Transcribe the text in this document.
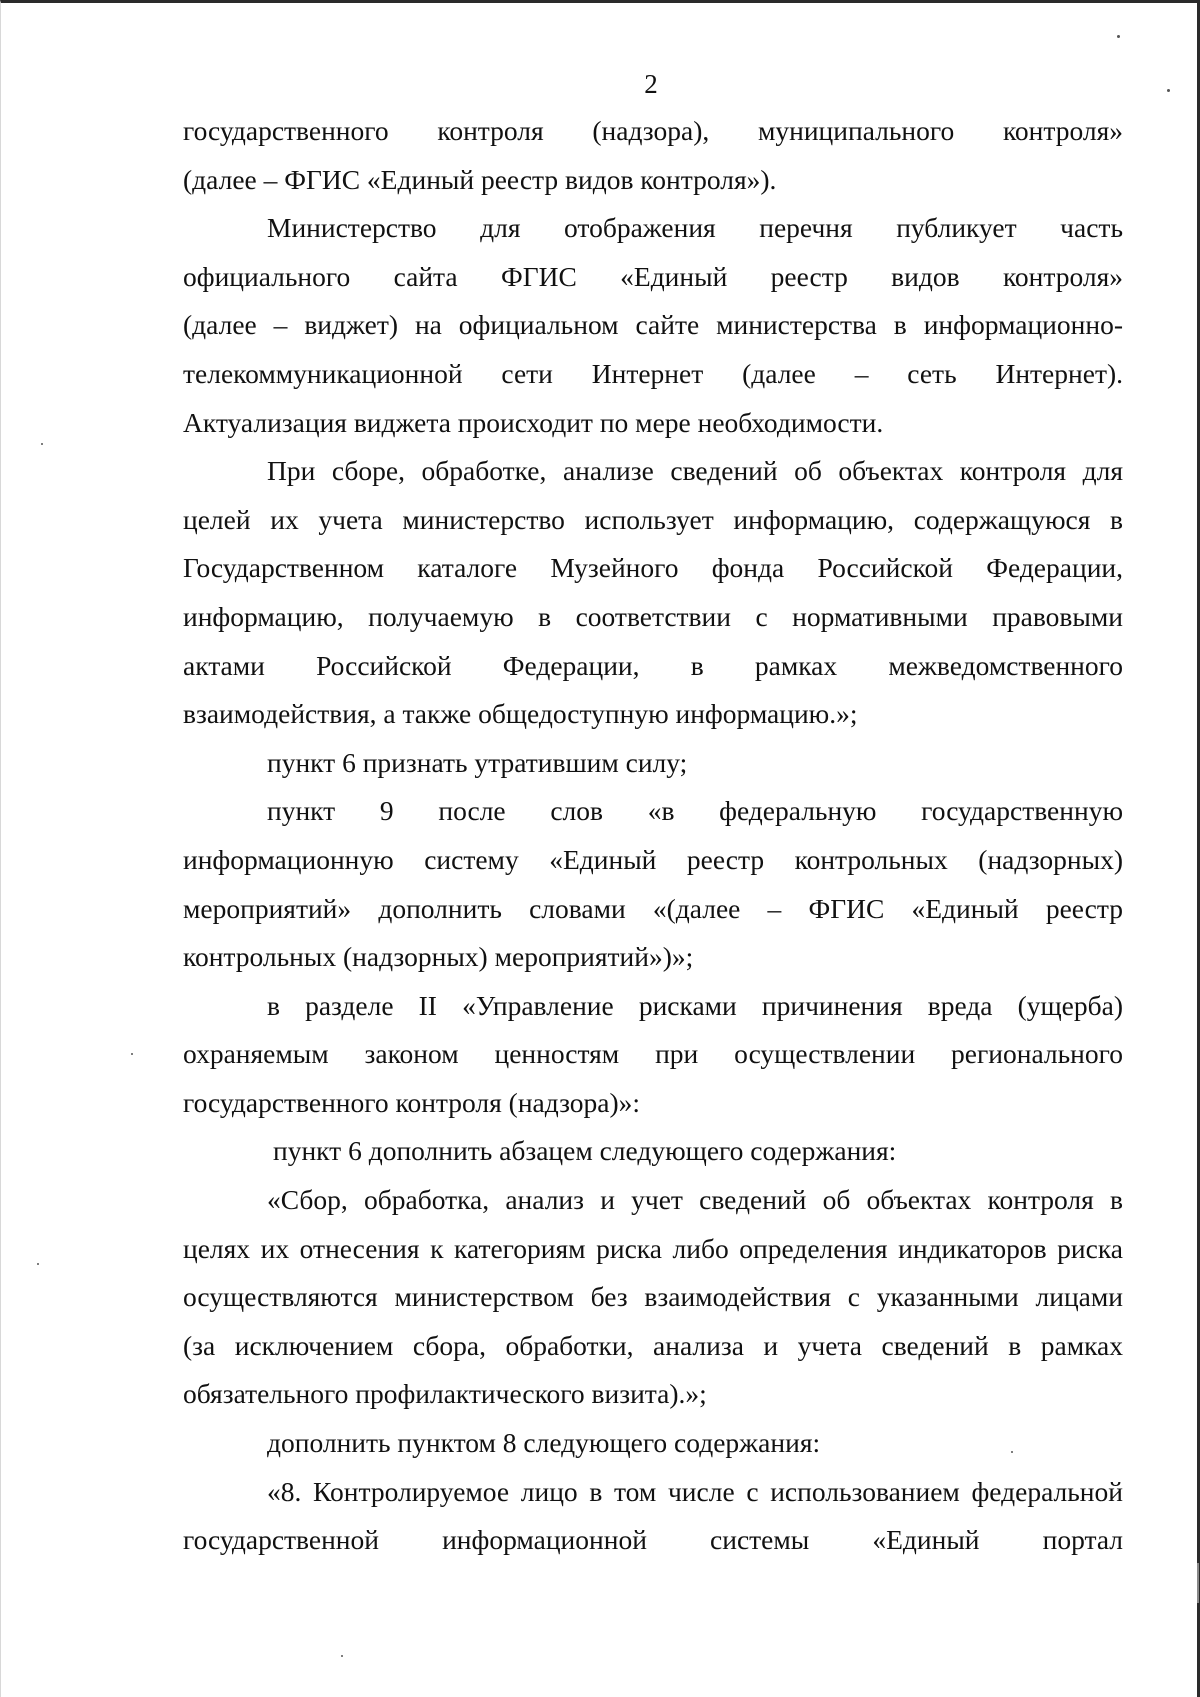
2
государственного контроля (надзора), муниципального контроля»
(далее – ФГИС «Единый реестр видов контроля»).
Министерство для отображения перечня публикует часть
официального сайта ФГИС «Единый реестр видов контроля»
(далее – виджет) на официальном сайте министерства в информационно-
телекоммуникационной сети Интернет (далее – сеть Интернет).
Актуализация виджета происходит по мере необходимости.
При сборе, обработке, анализе сведений об объектах контроля для
целей их учета министерство использует информацию, содержащуюся в
Государственном каталоге Музейного фонда Российской Федерации,
информацию, получаемую в соответствии с нормативными правовыми
актами Российской Федерации, в рамках межведомственного
взаимодействия, а также общедоступную информацию.»;
пункт 6 признать утратившим силу;
пункт 9 после слов «в федеральную государственную
информационную систему «Единый реестр контрольных (надзорных)
мероприятий» дополнить словами «(далее – ФГИС «Единый реестр
контрольных (надзорных) мероприятий»)»;
в разделе II «Управление рисками причинения вреда (ущерба)
охраняемым законом ценностям при осуществлении регионального
государственного контроля (надзора)»:
пункт 6 дополнить абзацем следующего содержания:
«Сбор, обработка, анализ и учет сведений об объектах контроля в
целях их отнесения к категориям риска либо определения индикаторов риска
осуществляются министерством без взаимодействия с указанными лицами
(за исключением сбора, обработки, анализа и учета сведений в рамках
обязательного профилактического визита).»;
дополнить пунктом 8 следующего содержания:
«8. Контролируемое лицо в том числе с использованием федеральной
государственной информационной системы «Единый портал
